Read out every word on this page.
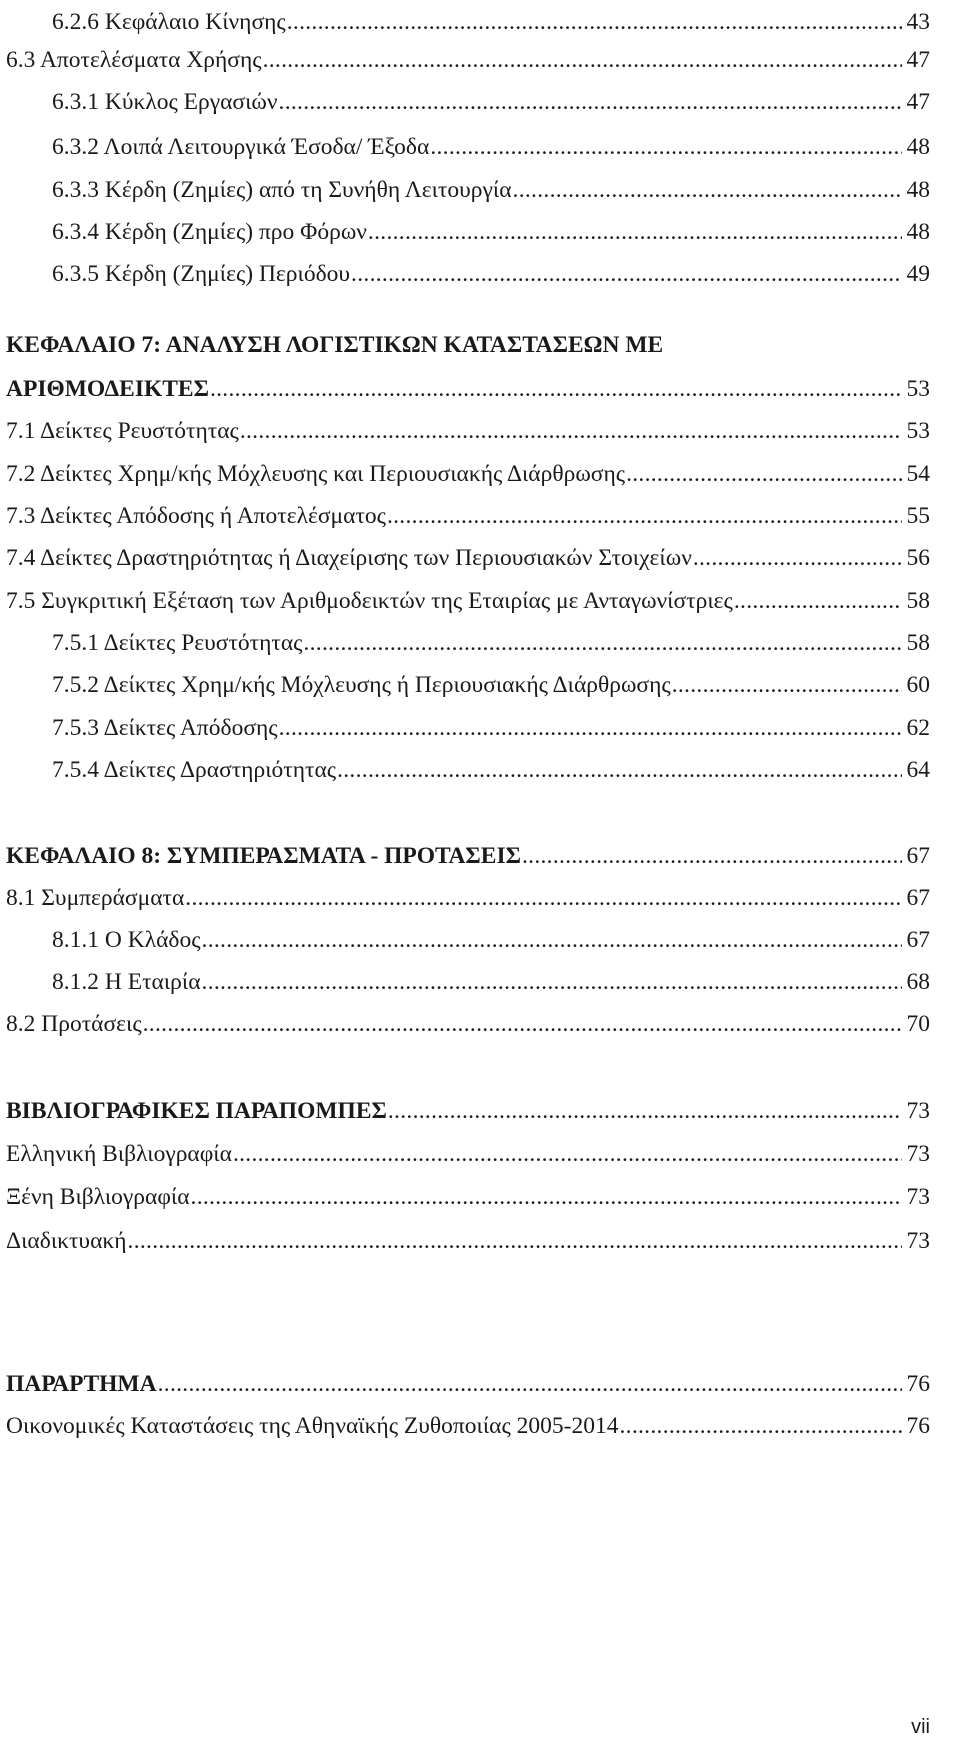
6.2.6 Κεφάλαιο Κίνησης .....	43
6.3 Αποτελέσματα Χρήσης .....	47
6.3.1 Κύκλος Εργασιών .....	47
6.3.2 Λοιπά Λειτουργικά Έσοδα/ Έξοδα .....	48
6.3.3 Κέρδη (Ζημίες) από τη Συνήθη Λειτουργία .....	48
6.3.4 Κέρδη (Ζημίες) προ Φόρων .....	48
6.3.5 Κέρδη (Ζημίες) Περιόδου .....	49
ΚΕΦΑΛΑΙΟ 7: ΑΝΑΛΥΣΗ ΛΟΓΙΣΤΙΚΩΝ ΚΑΤΑΣΤΑΣΕΩΝ ΜΕ
ΑΡΙΘΜΟΔΕΙΚΤΕΣ .....	53
7.1 Δείκτες Ρευστότητας .....	53
7.2 Δείκτες Χρημ/κής Μόχλευσης και Περιουσιακής Διάρθρωσης .....	54
7.3 Δείκτες Απόδοσης ή Αποτελέσματος .....	55
7.4 Δείκτες Δραστηριότητας ή Διαχείρισης των Περιουσιακών Στοιχείων .....	56
7.5 Συγκριτική Εξέταση των Αριθμοδεικτών της Εταιρίας με Ανταγωνίστριες .....	58
7.5.1 Δείκτες Ρευστότητας .....	58
7.5.2 Δείκτες Χρημ/κής Μόχλευσης ή Περιουσιακής Διάρθρωσης .....	60
7.5.3 Δείκτες Απόδοσης .....	62
7.5.4 Δείκτες Δραστηριότητας .....	64
ΚΕΦΑΛΑΙΟ 8: ΣΥΜΠΕΡΑΣΜΑΤΑ - ΠΡΟΤΑΣΕΙΣ .....	67
8.1 Συμπεράσματα .....	67
8.1.1 Ο Κλάδος .....	67
8.1.2 Η Εταιρία .....	68
8.2 Προτάσεις .....	70
ΒΙΒΛΙΟΓΡΑΦΙΚΕΣ ΠΑΡΑΠΟΜΠΕΣ .....	73
Ελληνική Βιβλιογραφία .....	73
Ξένη Βιβλιογραφία .....	73
Διαδικτυακή .....	73
ΠΑΡΑΡΤΗΜΑ .....	76
Οικονομικές Καταστάσεις της Αθηναϊκής Ζυθοποιίας 2005-2014 .....	76
vii
